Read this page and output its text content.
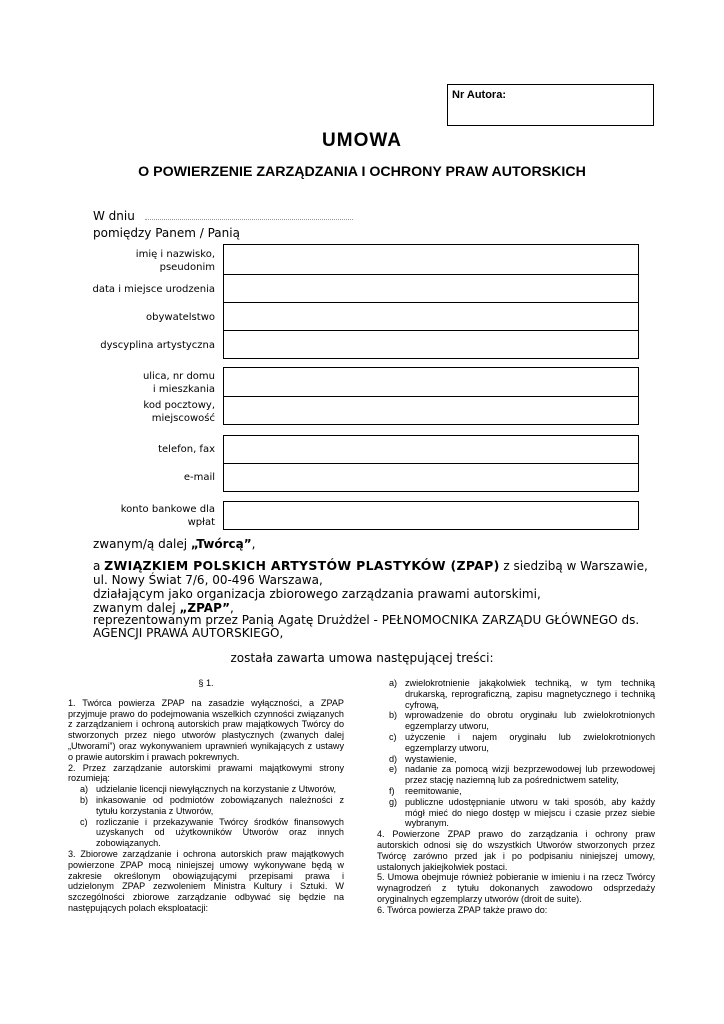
Nr Autora:
UMOWA
O POWIERZENIE ZARZĄDZANIA I OCHRONY PRAW AUTORSKICH
W dniu
pomiędzy Panem / Panią
imię i nazwisko,
pseudonim
data i miejsce urodzenia
obywatelstwo
dyscyplina artystyczna
ulica, nr domu
i mieszkania
kod pocztowy,
miejscowość
telefon, fax
e-mail
konto bankowe dla
wpłat
zwanym/ą dalej „Twórcą”,
a ZWIĄZKIEM POLSKICH ARTYSTÓW PLASTYKÓW (ZPAP) z siedzibą w Warszawie,
ul. Nowy Świat 7/6, 00-496 Warszawa,
działającym jako organizacja zbiorowego zarządzania prawami autorskimi,
zwanym dalej „ZPAP”,
reprezentowanym przez Panią Agatę Drużdżel - PEŁNOMOCNIKA ZARZĄDU GŁÓWNEGO ds.
AGENCJI PRAWA AUTORSKIEGO,
została zawarta umowa następującej treści:

§ 1.

1. Twórca powierza ZPAP na zasadzie wyłączności, a ZPAP przyjmuje prawo do podejmowania wszelkich czynności związanych z zarządzaniem i ochroną autorskich praw majątkowych Twórcy do stworzonych przez niego utworów plastycznych (zwanych dalej „Utworami”) oraz wykonywaniem uprawnień wynikających z ustawy o prawie autorskim i prawach pokrewnych.

2. Przez zarządzanie autorskimi prawami majątkowymi strony rozumieją:

a) udzielanie licencji niewyłącznych na korzystanie z Utworów,
b) inkasowanie od podmiotów zobowiązanych należności z tytułu korzystania z Utworów,
c) rozliczanie i przekazywanie Twórcy środków finansowych uzyskanych od użytkowników Utworów oraz innych zobowiązanych.

3. Zbiorowe zarządzanie i ochrona autorskich praw majątkowych powierzone ZPAP mocą niniejszej umowy wykonywane będą w zakresie określonym obowiązującymi przepisami prawa i udzielonym ZPAP zezwoleniem Ministra Kultury i Sztuki. W szczególności zbiorowe zarządzanie odbywać się będzie na następujących polach eksploatacji:

a) zwielokrotnienie jakąkolwiek techniką, w tym techniką drukarską, reprograficzną, zapisu magnetycznego i techniką cyfrową,
b) wprowadzenie do obrotu oryginału lub zwielokrotnionych egzemplarzy utworu,
c) użyczenie i najem oryginału lub zwielokrotnionych egzemplarzy utworu,
d) wystawienie,
e) nadanie za pomocą wizji bezprzewodowej lub przewodowej przez stację naziemną lub za pośrednictwem satelity,
f)	reemitowanie,
g) publiczne udostępnianie utworu w taki sposób, aby każdy mógł mieć do niego dostęp w miejscu i czasie przez siebie wybranym.

4. Powierzone ZPAP prawo do zarządzania i ochrony praw autorskich odnosi się do wszystkich Utworów stworzonych przez Twórcę zarówno przed jak i po podpisaniu niniejszej umowy, ustalonych jakiejkolwiek postaci.

5. Umowa obejmuje również pobieranie w imieniu i na rzecz Twórcy wynagrodzeń z tytułu dokonanych zawodowo odsprzedaży oryginalnych egzemplarzy utworów (droit de suite).

6. Twórca powierza ZPAP także prawo do:
